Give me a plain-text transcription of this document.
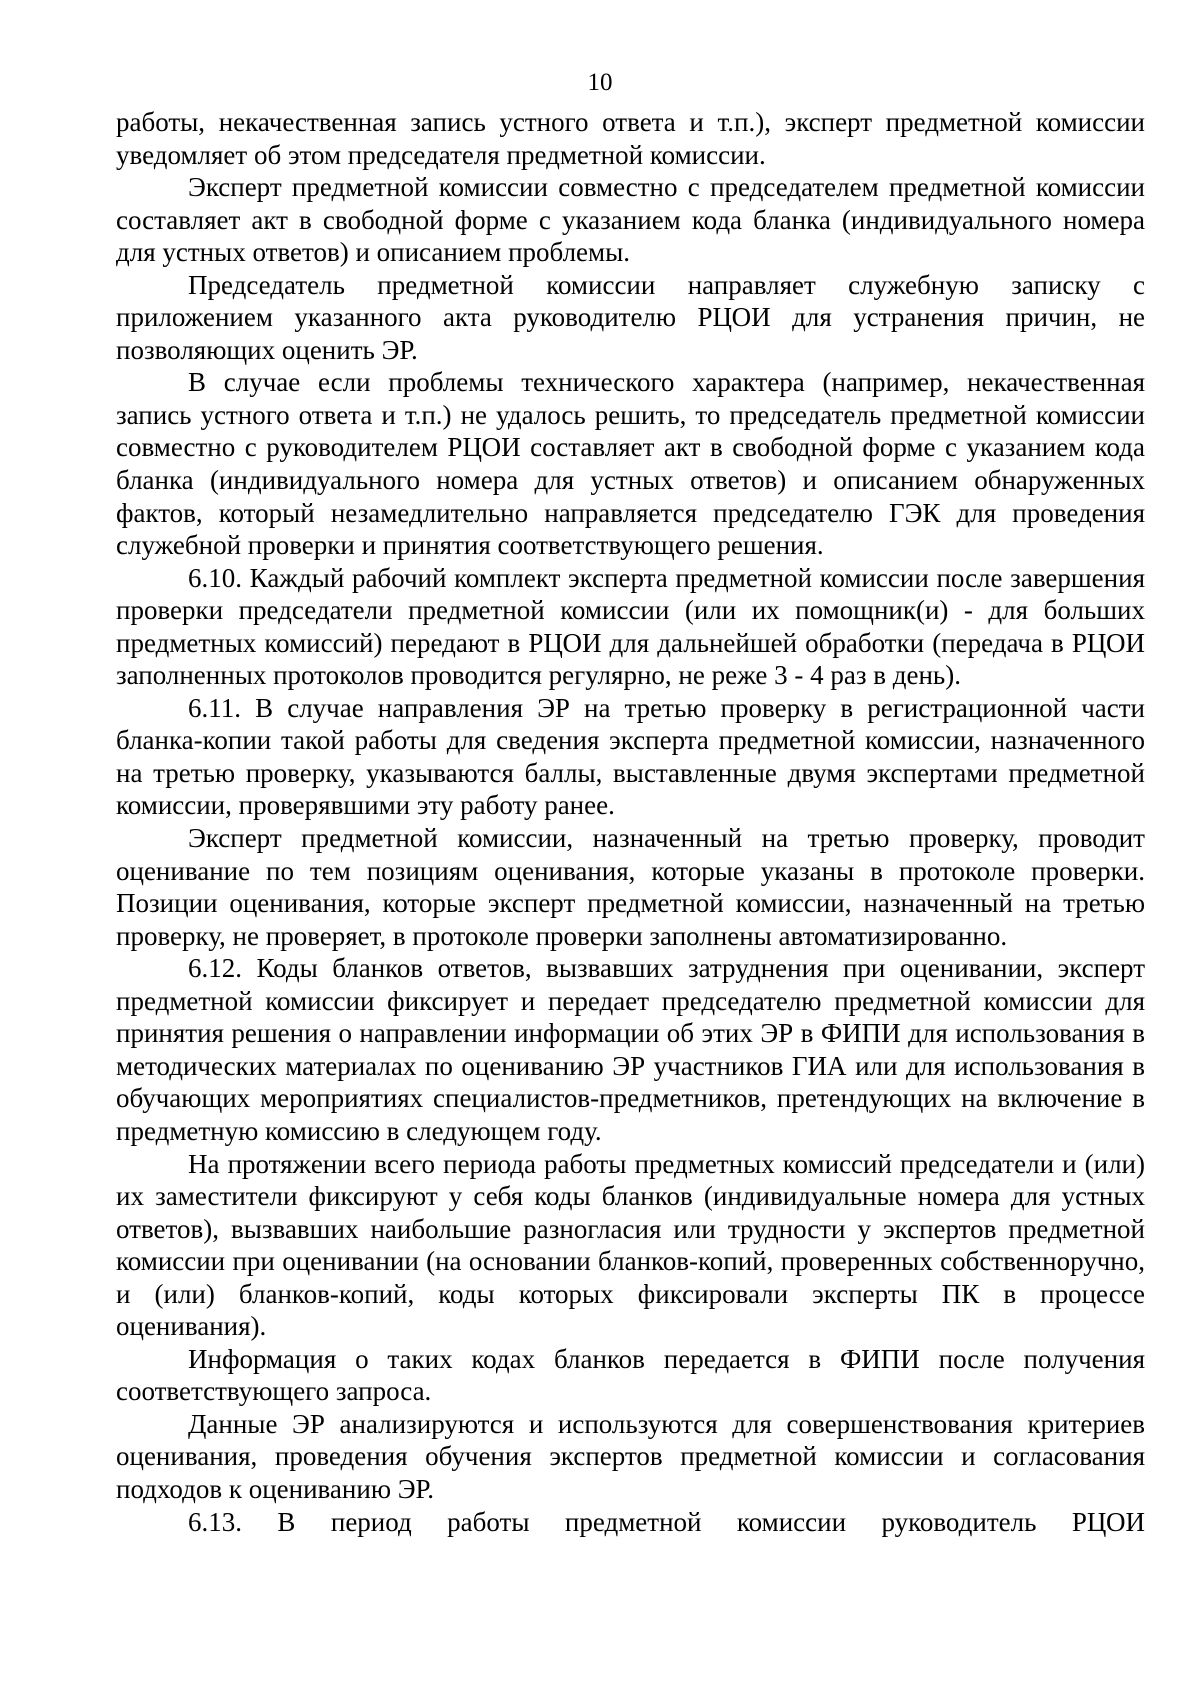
10

работы, некачественная запись устного ответа и т.п.), эксперт предметной комиссии уведомляет об этом председателя предметной комиссии.

Эксперт предметной комиссии совместно с председателем предметной комиссии составляет акт в свободной форме с указанием кода бланка (индивидуального номера для устных ответов) и описанием проблемы.

Председатель предметной комиссии направляет служебную записку с приложением указанного акта руководителю РЦОИ для устранения причин, не позволяющих оценить ЭР.

В случае если проблемы технического характера (например, некачественная запись устного ответа и т.п.) не удалось решить, то председатель предметной комиссии совместно с руководителем РЦОИ составляет акт в свободной форме с указанием кода бланка (индивидуального номера для устных ответов) и описанием обнаруженных фактов, который незамедлительно направляется председателю ГЭК для проведения служебной проверки и принятия соответствующего решения.

6.10. Каждый рабочий комплект эксперта предметной комиссии после завершения проверки председатели предметной комиссии (или их помощник(и) - для больших предметных комиссий) передают в РЦОИ для дальнейшей обработки (передача в РЦОИ заполненных протоколов проводится регулярно, не реже 3 - 4 раз в день).

6.11. В случае направления ЭР на третью проверку в регистрационной части бланка-копии такой работы для сведения эксперта предметной комиссии, назначенного на третью проверку, указываются баллы, выставленные двумя экспертами предметной комиссии, проверявшими эту работу ранее.

Эксперт предметной комиссии, назначенный на третью проверку, проводит оценивание по тем позициям оценивания, которые указаны в протоколе проверки. Позиции оценивания, которые эксперт предметной комиссии, назначенный на третью проверку, не проверяет, в протоколе проверки заполнены автоматизированно.

6.12. Коды бланков ответов, вызвавших затруднения при оценивании, эксперт предметной комиссии фиксирует и передает председателю предметной комиссии для принятия решения о направлении информации об этих ЭР в ФИПИ для использования в методических материалах по оцениванию ЭР участников ГИА или для использования в обучающих мероприятиях специалистов-предметников, претендующих на включение в предметную комиссию в следующем году.

На протяжении всего периода работы предметных комиссий председатели и (или) их заместители фиксируют у себя коды бланков (индивидуальные номера для устных ответов), вызвавших наибольшие разногласия или трудности у экспертов предметной комиссии при оценивании (на основании бланков-копий, проверенных собственноручно, и (или) бланков-копий, коды которых фиксировали эксперты ПК в процессе оценивания).

Информация о таких кодах бланков передается в ФИПИ после получения соответствующего запроса.

Данные ЭР анализируются и используются для совершенствования критериев оценивания, проведения обучения экспертов предметной комиссии и согласования подходов к оцениванию ЭР.

6.13. В период работы предметной комиссии руководитель РЦОИ
